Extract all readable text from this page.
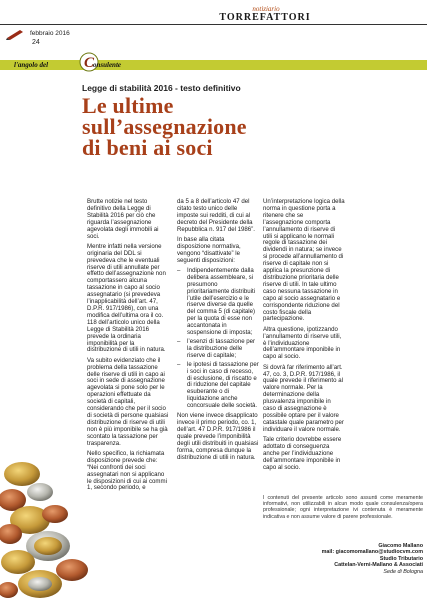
febbraio 2016
24
notiziario
TORREFATTORI
l'angolo del C
onsulente
Legge di stabilità 2016 - testo definitivo
Le ultime
sull’assegnazione
di beni ai soci

Brutte notizie nel testo definitivo della Legge di Stabilità 2016 per ciò che riguarda l’assegnazione agevolata degli immobili ai soci.

Mentre infatti nella versione originaria del DDL si prevedeva che le eventuali riserve di utili annullate per effetto dell’assegnazione non comportassero alcuna tassazione in capo al socio assegnatario (si prevedeva l’inapplicabilità dell’art. 47, D.P.R. 917/1986), con una modifica dell’ultima ora il co. 118 dell’articolo unico della Legge di Stabilità 2016 prevede la ordinaria imponibilità per la distribuzione di utili in natura.

Va subito evidenziato che il problema della tassazione delle riserve di utili in capo ai soci in sede di assegnazione agevolata si pone solo per le operazioni effettuate da società di capitali, considerando che per il socio di società di persone qualsiasi distribuzione di riserve di utili non è più imponibile se ha già scontato la tassazione per trasparenza.

Nello specifico, la richiamata disposizione prevede che: “Nei confronti dei soci assegnatari non si applicano le disposizioni di cui ai commi 1, secondo periodo, e

da 5 a 8 dell’articolo 47 del citato testo unico delle imposte sui redditi, di cui al decreto del Presidente della Repubblica n. 917 del 1986”.

In base alla citata disposizione normativa, vengono “disattivate” le seguenti disposizioni:

– Indipendentemente dalla delibera assembleare, si presumono prioritariamente distribuiti l’utile dell’esercizio e le riserve diverse da quelle del comma 5 (di capitale) per la quota di esse non accantonata in sospensione di imposta;
– l’esenzi di tassazione per la distribuzione delle riserve di capitale;
– le ipotesi di tassazione per i soci in caso di recesso, di esclusione, di riscatto e di riduzione del capitale esuberante o di liquidazione anche concorsuale delle società.

Non viene invece disapplicato invece il primo periodo, co. 1, dell’art. 47 D.P.R. 917/1986 il quale prevede l’imponibilità degli utili distribuiti in qualsiasi forma, compresa dunque la distribuzione di utili in natura.

Un’interpretazione logica della norma in questione porta a ritenere che se l’assegnazione comporta l’annullamento di riserve di utili si applicano le normali regole di tassazione dei dividendi in natura; se invece si procede all’annullamento di riserve di capitale non si applica la presunzione di distribuzione prioritaria delle riserve di utili. In tale ultimo caso nessuna tassazione in capo al socio assegnatario e corrispondente riduzione del costo fiscale della partecipazione.

Altra questione, ipotizzando l’annullamento di riserve utili, è l’individuazione dell’ammontare imponibile in capo al socio.

Si dovrà far riferimento all’art. 47, co. 3, D.P.R. 917/1986, il quale prevede il riferimento al valore normale. Per la determinazione della plusvalenza imponibile in caso di assegnazione è possibile optare per il valore catastale quale parametro per individuare il valore normale.

Tale criterio dovrebbe essere adottato di conseguenza anche per l’individuazione dell’ammontare imponibile in capo al socio.

I contenuti del presente articolo sono assunti come meramente informativi, non utilizzabili in alcun modo quale consulenza/opera professionale; ogni interpretazione ivi contenuta è meramente indicativa e non assume valore di parere professionale.
Giacomo Mallano
mail: giacomomallano@studiocvm.com
Studio Tributario
Cattelan-Verni-Mallano & Associati
Sede di Bologna
